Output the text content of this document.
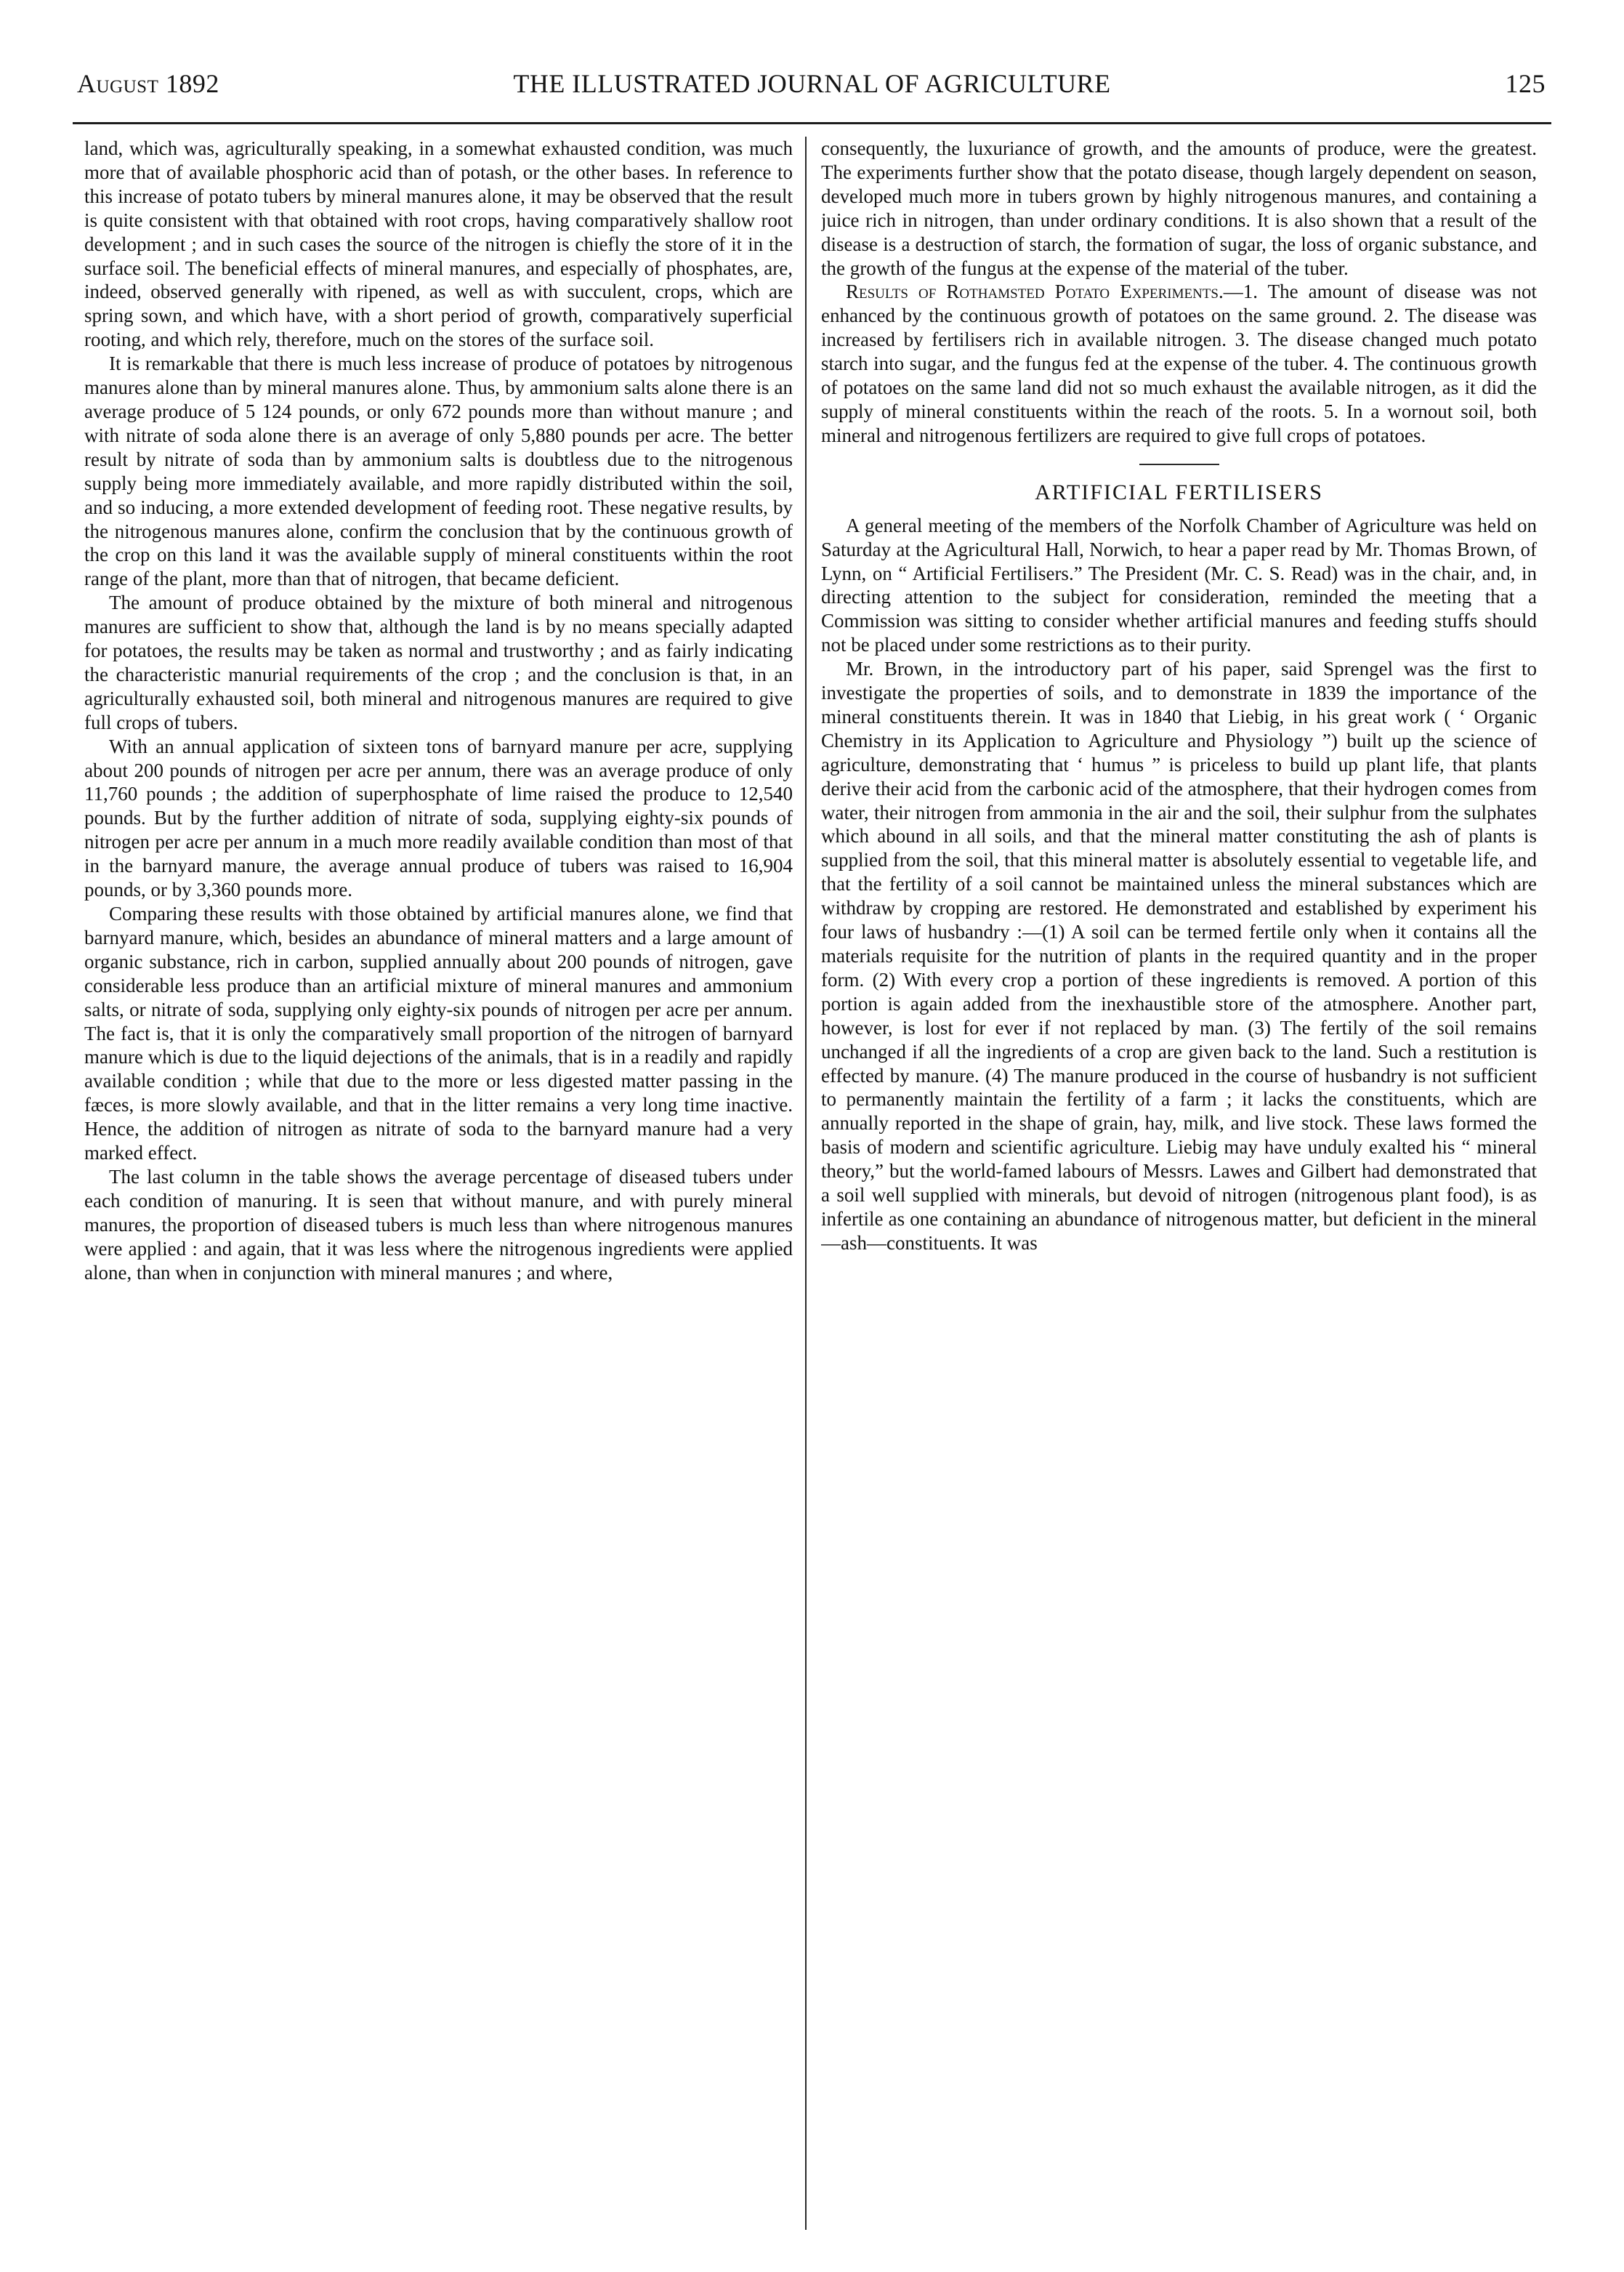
August 1892	THE ILLUSTRATED JOURNAL OF AGRICULTURE	125

land, which was, agriculturally speaking, in a somewhat exhausted condition, was much more that of available phosphoric acid than of potash, or the other bases. In reference to this increase of potato tubers by mineral manures alone, it may be observed that the result is quite consistent with that obtained with root crops, having comparatively shallow root development ; and in such cases the source of the nitrogen is chiefly the store of it in the surface soil. The beneficial effects of mineral manures, and especially of phosphates, are, indeed, observed generally with ripened, as well as with succulent, crops, which are spring sown, and which have, with a short period of growth, comparatively superficial rooting, and which rely, therefore, much on the stores of the surface soil.

It is remarkable that there is much less increase of produce of potatoes by nitrogenous manures alone than by mineral manures alone. Thus, by ammonium salts alone there is an average produce of 5 124 pounds, or only 672 pounds more than without manure ; and with nitrate of soda alone there is an average of only 5,880 pounds per acre. The better result by nitrate of soda than by ammonium salts is doubtless due to the nitrogenous supply being more immediately available, and more rapidly distributed within the soil, and so inducing, a more extended development of feeding root. These negative results, by the nitrogenous manures alone, confirm the conclusion that by the continuous growth of the crop on this land it was the available supply of mineral constituents within the root range of the plant, more than that of nitrogen, that became deficient.

The amount of produce obtained by the mixture of both mineral and nitrogenous manures are sufficient to show that, although the land is by no means specially adapted for potatoes, the results may be taken as normal and trustworthy ; and as fairly indicating the characteristic manurial requirements of the crop ; and the conclusion is that, in an agriculturally exhausted soil, both mineral and nitrogenous manures are required to give full crops of tubers.

With an annual application of sixteen tons of barnyard manure per acre, supplying about 200 pounds of nitrogen per acre per annum, there was an average produce of only 11,760 pounds ; the addition of superphosphate of lime raised the produce to 12,540 pounds. But by the further addition of nitrate of soda, supplying eighty-six pounds of nitrogen per acre per annum in a much more readily available condition than most of that in the barnyard manure, the average annual produce of tubers was raised to 16,904 pounds, or by 3,360 pounds more.

Comparing these results with those obtained by artificial manures alone, we find that barnyard manure, which, besides an abundance of mineral matters and a large amount of organic substance, rich in carbon, supplied annually about 200 pounds of nitrogen, gave considerable less produce than an artificial mixture of mineral manures and ammonium salts, or nitrate of soda, supplying only eighty-six pounds of nitrogen per acre per annum. The fact is, that it is only the comparatively small proportion of the nitrogen of barnyard manure which is due to the liquid dejections of the animals, that is in a readily and rapidly available condition ; while that due to the more or less digested matter passing in the fæces, is more slowly available, and that in the litter remains a very long time inactive. Hence, the addition of nitrogen as nitrate of soda to the barnyard manure had a very marked effect.

The last column in the table shows the average percentage of diseased tubers under each condition of manuring. It is seen that without manure, and with purely mineral manures, the proportion of diseased tubers is much less than where nitrogenous manures were applied : and again, that it was less where the nitrogenous ingredients were applied alone, than when in conjunction with mineral manures ; and where,

consequently, the luxuriance of growth, and the amounts of produce, were the greatest. The experiments further show that the potato disease, though largely dependent on season, developed much more in tubers grown by highly nitrogenous manures, and containing a juice rich in nitrogen, than under ordinary conditions. It is also shown that a result of the disease is a destruction of starch, the formation of sugar, the loss of organic substance, and the growth of the fungus at the expense of the material of the tuber.

Results of Rothamsted Potato Experiments.—1. The amount of disease was not enhanced by the continuous growth of potatoes on the same ground. 2. The disease was increased by fertilisers rich in available nitrogen. 3. The disease changed much potato starch into sugar, and the fungus fed at the expense of the tuber. 4. The continuous growth of potatoes on the same land did not so much exhaust the available nitrogen, as it did the supply of mineral constituents within the reach of the roots. 5. In a wornout soil, both mineral and nitrogenous fertilizers are required to give full crops of potatoes.

ARTIFICIAL FERTILISERS

A general meeting of the members of the Norfolk Chamber of Agriculture was held on Saturday at the Agricultural Hall, Norwich, to hear a paper read by Mr. Thomas Brown, of Lynn, on “ Artificial Fertilisers.” The President (Mr. C. S. Read) was in the chair, and, in directing attention to the subject for consideration, reminded the meeting that a Commission was sitting to consider whether artificial manures and feeding stuffs should not be placed under some restrictions as to their purity.

Mr. Brown, in the introductory part of his paper, said Sprengel was the first to investigate the properties of soils, and to demonstrate in 1839 the importance of the mineral constituents therein. It was in 1840 that Liebig, in his great work ( ‘ Organic Chemistry in its Application to Agriculture and Physiology ”) built up the science of agriculture, demonstrating that ‘ humus ” is priceless to build up plant life, that plants derive their acid from the carbonic acid of the atmosphere, that their hydrogen comes from water, their nitrogen from ammonia in the air and the soil, their sulphur from the sulphates which abound in all soils, and that the mineral matter constituting the ash of plants is supplied from the soil, that this mineral matter is absolutely essential to vegetable life, and that the fertility of a soil cannot be maintained unless the mineral substances which are withdraw by cropping are restored. He demonstrated and established by experiment his four laws of husbandry :—(1) A soil can be termed fertile only when it contains all the materials requisite for the nutrition of plants in the required quantity and in the proper form. (2) With every crop a portion of these ingredients is removed. A portion of this portion is again added from the inexhaustible store of the atmosphere. Another part, however, is lost for ever if not replaced by man. (3) The fertily of the soil remains unchanged if all the ingredients of a crop are given back to the land. Such a restitution is effected by manure. (4) The manure produced in the course of husbandry is not sufficient to permanently maintain the fertility of a farm ; it lacks the constituents, which are annually reported in the shape of grain, hay, milk, and live stock. These laws formed the basis of modern and scientific agriculture. Liebig may have unduly exalted his “ mineral theory,” but the world-famed labours of Messrs. Lawes and Gilbert had demonstrated that a soil well supplied with minerals, but devoid of nitrogen (nitrogenous plant food), is as infertile as one containing an abundance of nitrogenous matter, but deficient in the mineral—ash—constituents. It was
